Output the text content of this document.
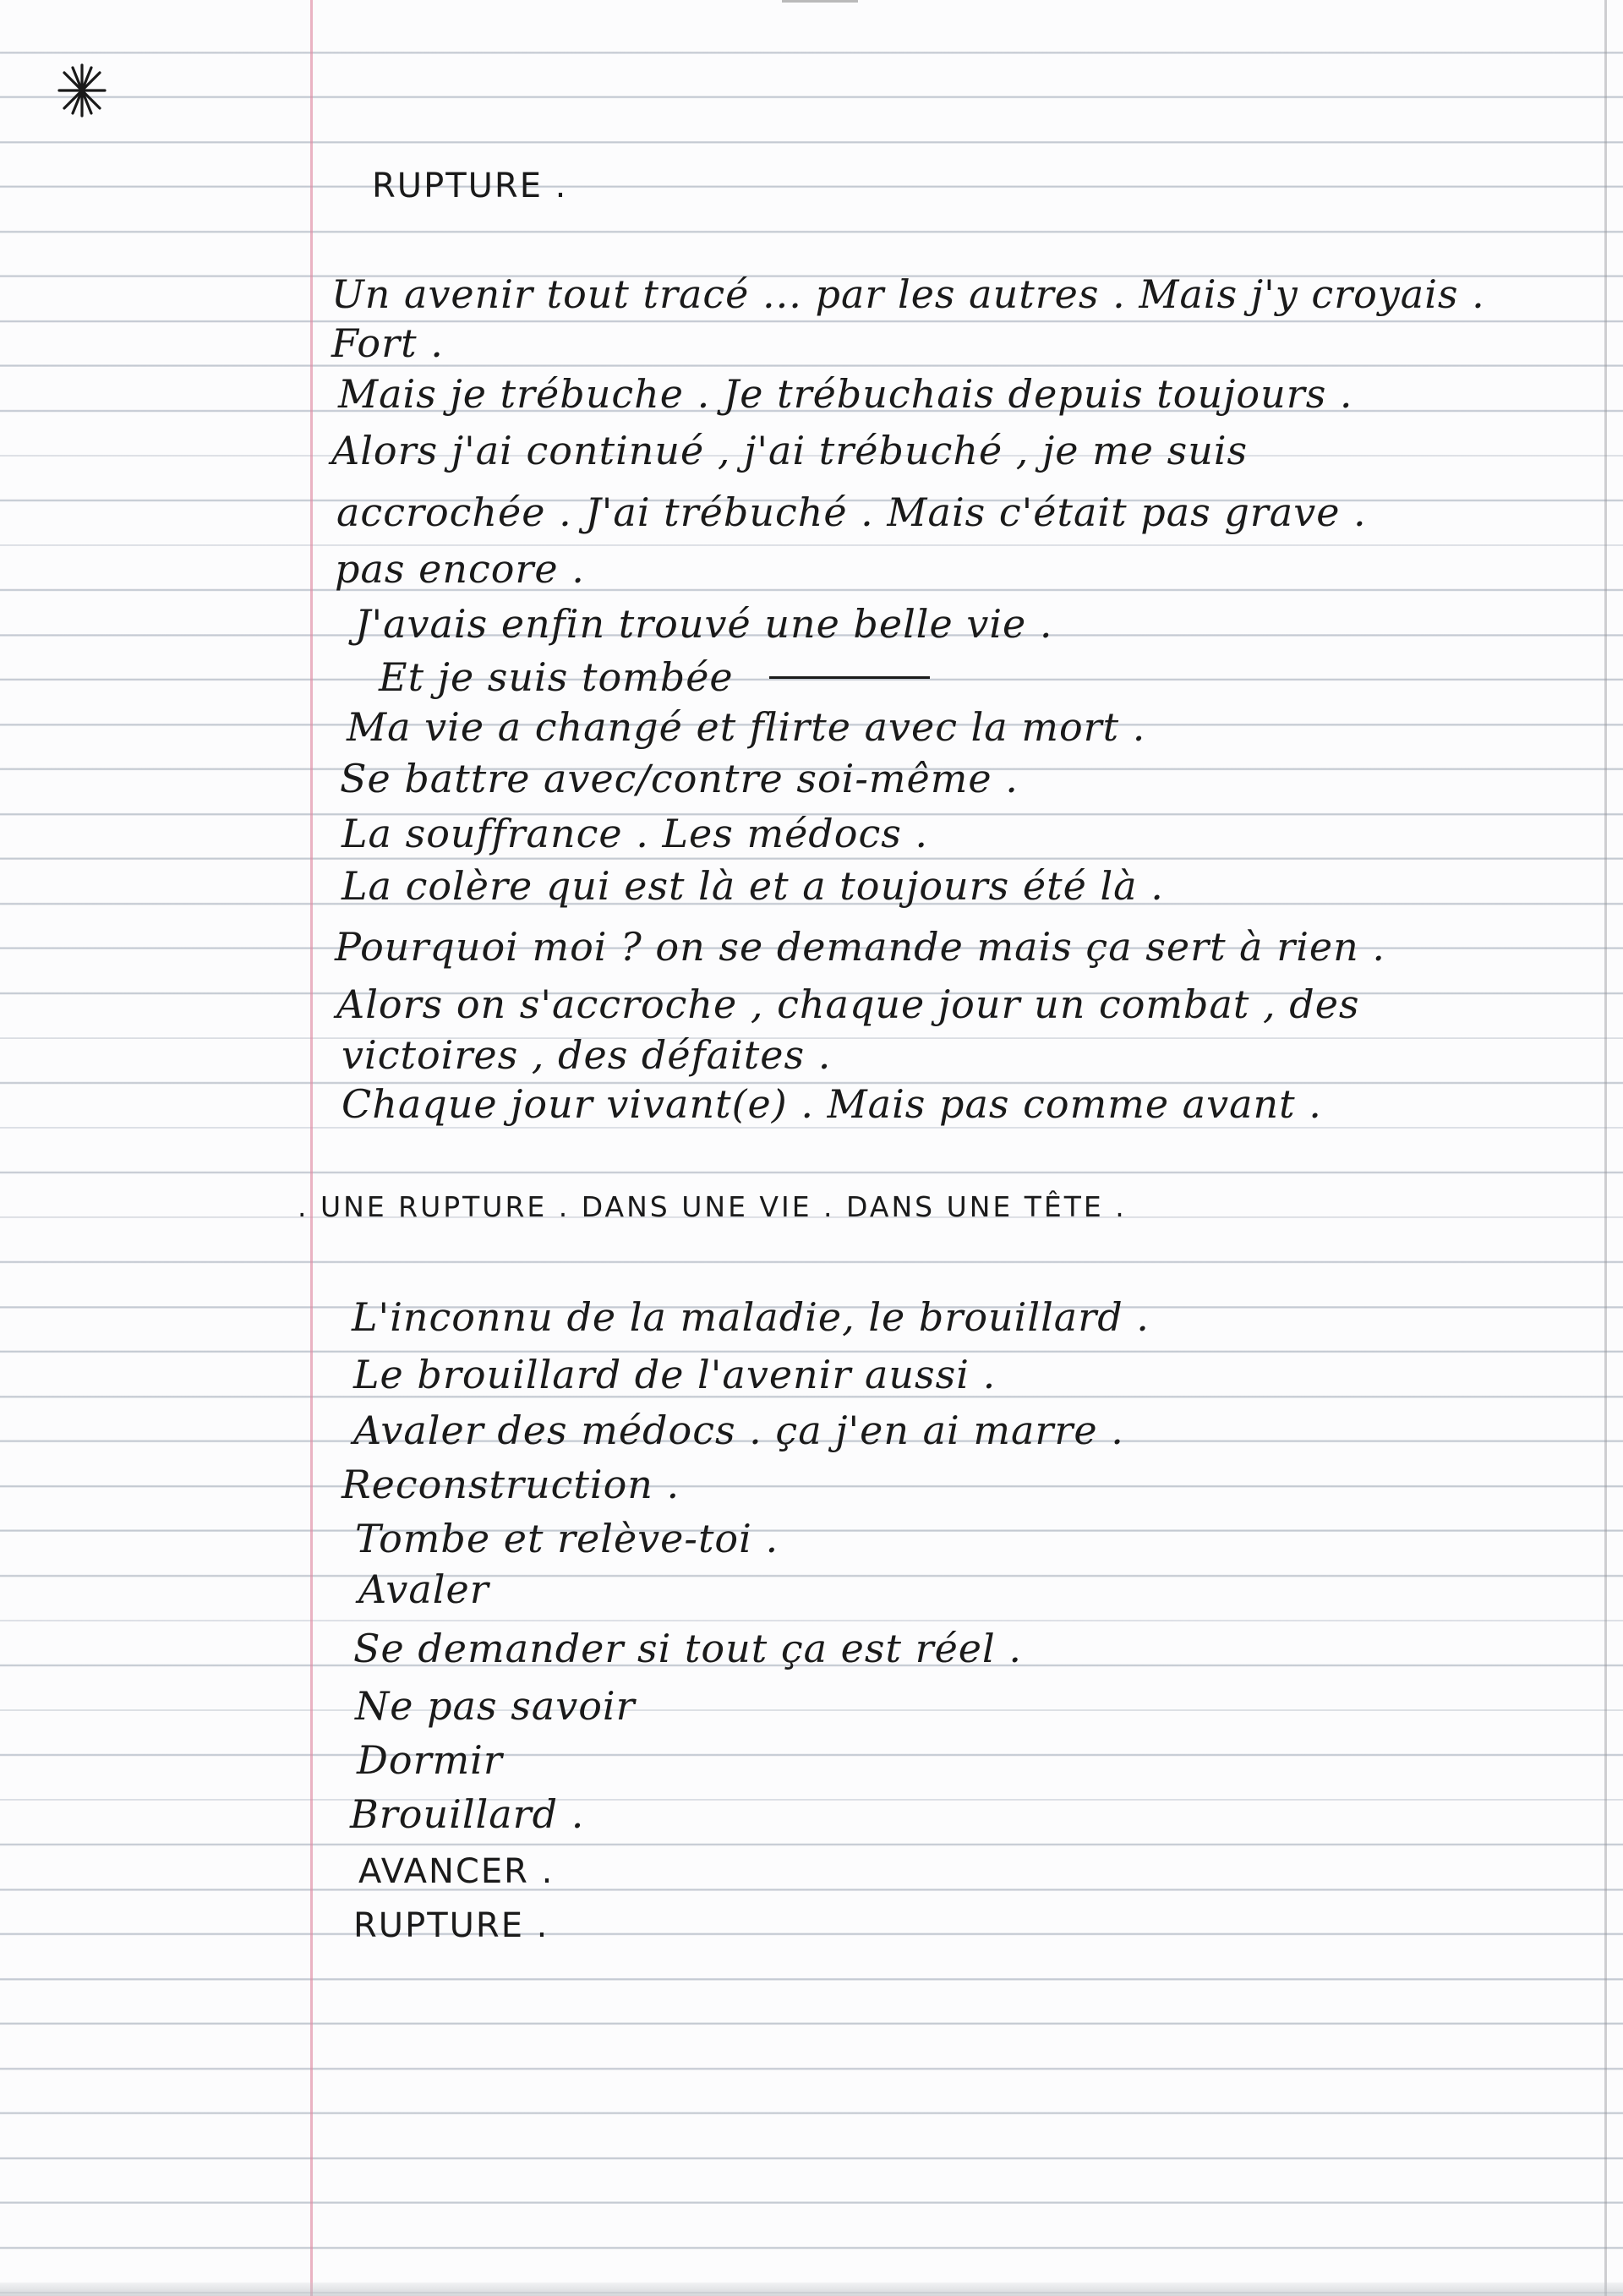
RUPTURE .
Un avenir tout tracé ... par les autres . Mais j'y croyais .
Fort .
Mais je trébuche . Je trébuchais depuis toujours .
Alors j'ai continué , j'ai trébuché , je me suis
accrochée . J'ai trébuché . Mais c'était pas grave .
pas encore .
J'avais enfin trouvé une belle vie .
Et je suis tombée
Ma vie a changé et flirte avec la mort .
Se battre avec/contre soi-même .
La souffrance . Les médocs .
La colère qui est là et a toujours été là .
Pourquoi moi ? on se demande mais ça sert à rien .
Alors on s'accroche , chaque jour un combat , des
victoires , des défaites .
Chaque jour vivant(e) . Mais pas comme avant .
. UNE RUPTURE . DANS UNE VIE . DANS UNE TÊTE .
L'inconnu de la maladie, le brouillard .
Le brouillard de l'avenir aussi .
Avaler des médocs . ça j'en ai marre .
Reconstruction .
Tombe et relève-toi .
Avaler
Se demander si tout ça est réel .
Ne pas savoir
Dormir
Brouillard .
AVANCER .
RUPTURE .
